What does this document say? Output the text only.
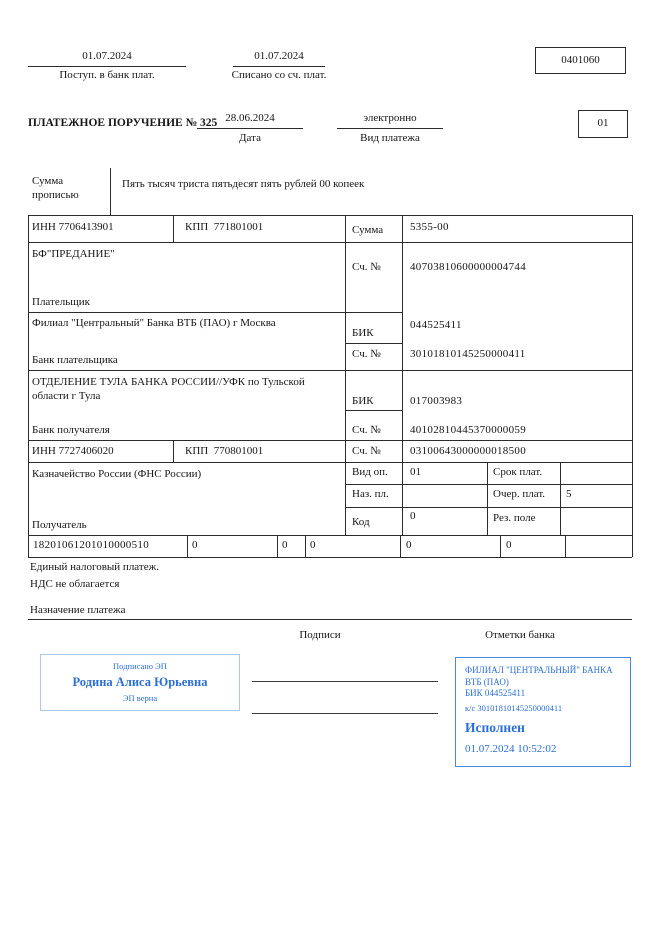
01.07.2024
Поступ. в банк плат.
01.07.2024
Списано со сч. плат.
0401060
ПЛАТЕЖНОЕ ПОРУЧЕНИЕ № 325 28.06.2024
Дата
электронно
Вид платежа
01
Сумма прописью
Пять тысяч триста пятьдесят пять рублей 00 копеек
ИНН 7706413901	КПП  771801001	Сумма 5355-00
БФ"ПРЕДАНИЕ"
Плательщик
Сч. №	40703810600000004744
Филиал "Центральный" Банка ВТБ (ПАО) г Москва
Банк плательщика
БИК
044525411
Сч. №	30101810145250000411
ОТДЕЛЕНИЕ ТУЛА БАНКА РОССИИ//УФК по Тульской области г Тула
Банк получателя
БИК	017003983
Сч. №	40102810445370000059
ИНН 7727406020	КПП  770801001	Сч. №	03100643000000018500
Казначейство России (ФНС России)
Получатель
Вид оп. 01	Срок плат.
Наз. пл.	Очер. плат. 5
Код	0	Рез. поле
18201061201010000510	0	0 0	0	0
Единый налоговый платеж.
НДС не облагается
Назначение платежа
Подписи	Отметки банка
Подписано ЭП
Родина Алиса Юрьевна
ЭП верна
ФИЛИАЛ "ЦЕНТРАЛЬНЫЙ" БАНКА
ВТБ (ПАО)
БИК 044525411
к/с 30101810145250000411
Исполнен
01.07.2024 10:52:02
